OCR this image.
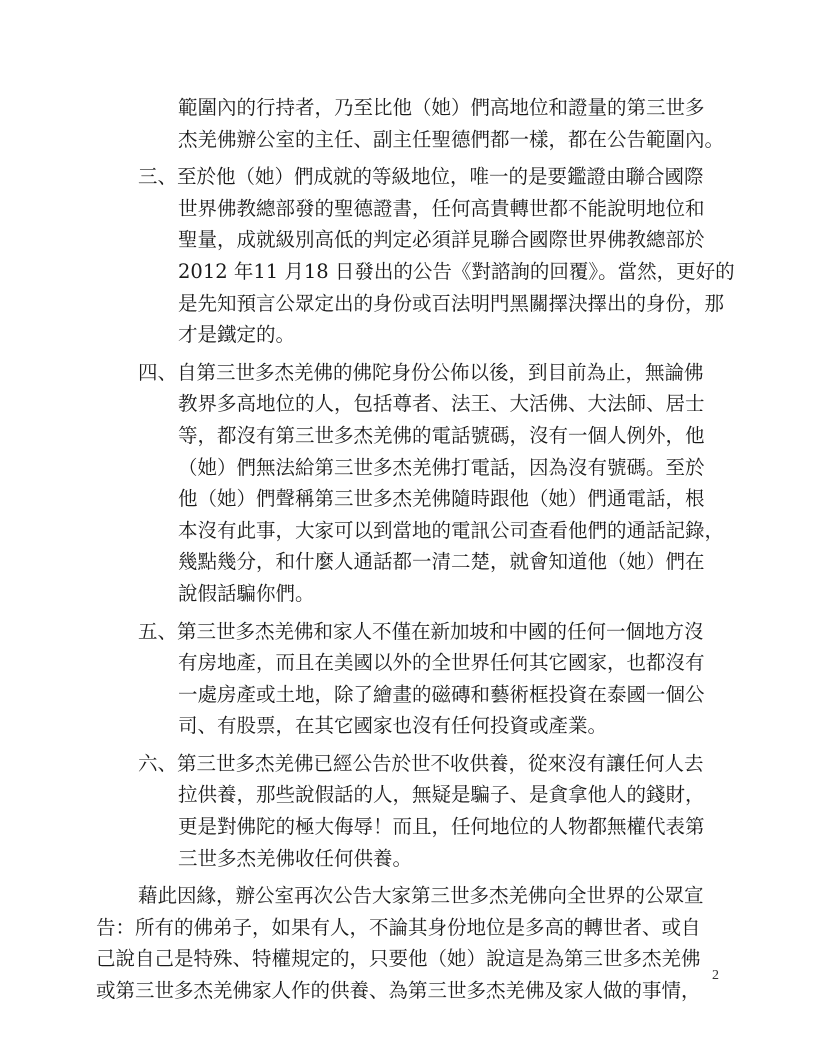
範圍內的行持者，乃至比他（她）們高地位和證量的第三世多
杰羌佛辦公室的主任、副主任聖德們都一樣，都在公告範圍內。
三、至於他（她）們成就的等級地位，唯一的是要鑑證由聯合國際
世界佛教總部發的聖德證書，任何高貴轉世都不能說明地位和
聖量，成就級別高低的判定必須詳見聯合國際世界佛教總部於
2012 年11 月18 日發出的公告《對諮詢的回覆》。當然，更好的
是先知預言公眾定出的身份或百法明門黑關擇決擇出的身份，那
才是鐵定的。
四、自第三世多杰羌佛的佛陀身份公佈以後，到目前為止，無論佛
教界多高地位的人，包括尊者、法王、大活佛、大法師、居士
等，都沒有第三世多杰羌佛的電話號碼，沒有一個人例外，他
（她）們無法給第三世多杰羌佛打電話，因為沒有號碼。至於
他（她）們聲稱第三世多杰羌佛隨時跟他（她）們通電話，根
本沒有此事，大家可以到當地的電訊公司查看他們的通話記錄，
幾點幾分，和什麼人通話都一清二楚，就會知道他（她）們在
說假話騙你們。
五、第三世多杰羌佛和家人不僅在新加坡和中國的任何一個地方沒
有房地產，而且在美國以外的全世界任何其它國家，也都沒有
一處房產或土地，除了繪畫的磁磚和藝術框投資在泰國一個公
司、有股票，在其它國家也沒有任何投資或產業。
六、第三世多杰羌佛已經公告於世不收供養，從來沒有讓任何人去
拉供養，那些說假話的人，無疑是騙子、是貪拿他人的錢財，
更是對佛陀的極大侮辱！而且，任何地位的人物都無權代表第
三世多杰羌佛收任何供養。
藉此因緣，辦公室再次公告大家第三世多杰羌佛向全世界的公眾宣
告：所有的佛弟子，如果有人，不論其身份地位是多高的轉世者、或自
己說自己是特殊、特權規定的，只要他（她）說這是為第三世多杰羌佛
或第三世多杰羌佛家人作的供養、為第三世多杰羌佛及家人做的事情，
2
